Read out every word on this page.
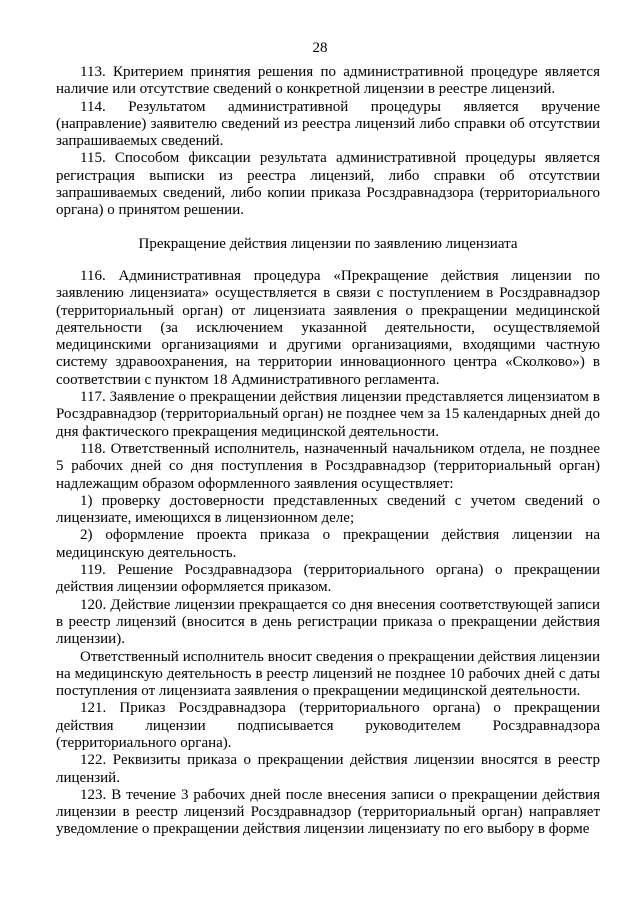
28

113. Критерием принятия решения по административной процедуре является наличие или отсутствие сведений о конкретной лицензии в реестре лицензий.

114. Результатом административной процедуры является вручение (направление) заявителю сведений из реестра лицензий либо справки об отсутствии запрашиваемых сведений.

115. Способом фиксации результата административной процедуры является регистрация выписки из реестра лицензий, либо справки об отсутствии запрашиваемых сведений, либо копии приказа Росздравнадзора (территориального органа) о принятом решении.

Прекращение действия лицензии по заявлению лицензиата

116. Административная процедура «Прекращение действия лицензии по заявлению лицензиата» осуществляется в связи с поступлением в Росздравнадзор (территориальный орган) от лицензиата заявления о прекращении медицинской деятельности (за исключением указанной деятельности, осуществляемой медицинскими организациями и другими организациями, входящими частную систему здравоохранения, на территории инновационного центра «Сколково») в соответствии с пунктом 18 Административного регламента.

117. Заявление о прекращении действия лицензии представляется лицензиатом в Росздравнадзор (территориальный орган) не позднее чем за 15 календарных дней до дня фактического прекращения медицинской деятельности.

118. Ответственный исполнитель, назначенный начальником отдела, не позднее 5 рабочих дней со дня поступления в Росздравнадзор (территориальный орган) надлежащим образом оформленного заявления осуществляет:

1) проверку достоверности представленных сведений с учетом сведений о лицензиате, имеющихся в лицензионном деле;

2) оформление проекта приказа о прекращении действия лицензии на медицинскую деятельность.

119. Решение Росздравнадзора (территориального органа) о прекращении действия лицензии оформляется приказом.

120. Действие лицензии прекращается со дня внесения соответствующей записи в реестр лицензий (вносится в день регистрации приказа о прекращении действия лицензии).

Ответственный исполнитель вносит сведения о прекращении действия лицензии на медицинскую деятельность в реестр лицензий не позднее 10 рабочих дней с даты поступления от лицензиата заявления о прекращении медицинской деятельности.

121. Приказ Росздравнадзора (территориального органа) о прекращении действия лицензии подписывается руководителем Росздравнадзора (территориального органа).

122. Реквизиты приказа о прекращении действия лицензии вносятся в реестр лицензий.

123. В течение 3 рабочих дней после внесения записи о прекращении действия лицензии в реестр лицензий Росздравнадзор (территориальный орган) направляет уведомление о прекращении действия лицензии лицензиату по его выбору в форме
